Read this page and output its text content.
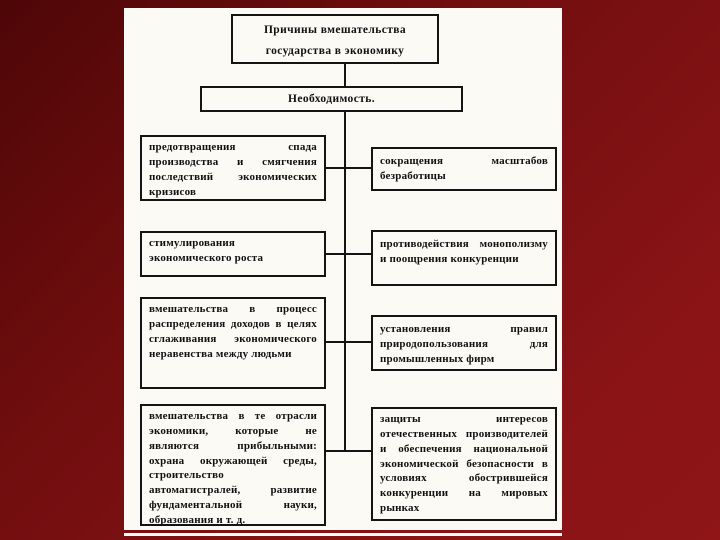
Причины вмешательства государства в экономику
Необходимость.
предотвращения спада производства и смягчения последствий экономических кризисов
стимулирования экономического роста
вмешательства в процесс распределения доходов в целях сглаживания экономического неравенства между людьми
вмешательства в те отрасли экономики, которые не являются прибыльными: охрана окружающей среды, строительство автомагистралей, развитие фундаментальной науки, образования и т. д.
сокращения масштабов безработицы
противодействия монополизму и поощрения конкуренции
установления правил природопользования для промышленных фирм
защиты интересов отечественных производителей и обеспечения национальной экономической безопасности в условиях обострившейся конкуренции на мировых рынках
